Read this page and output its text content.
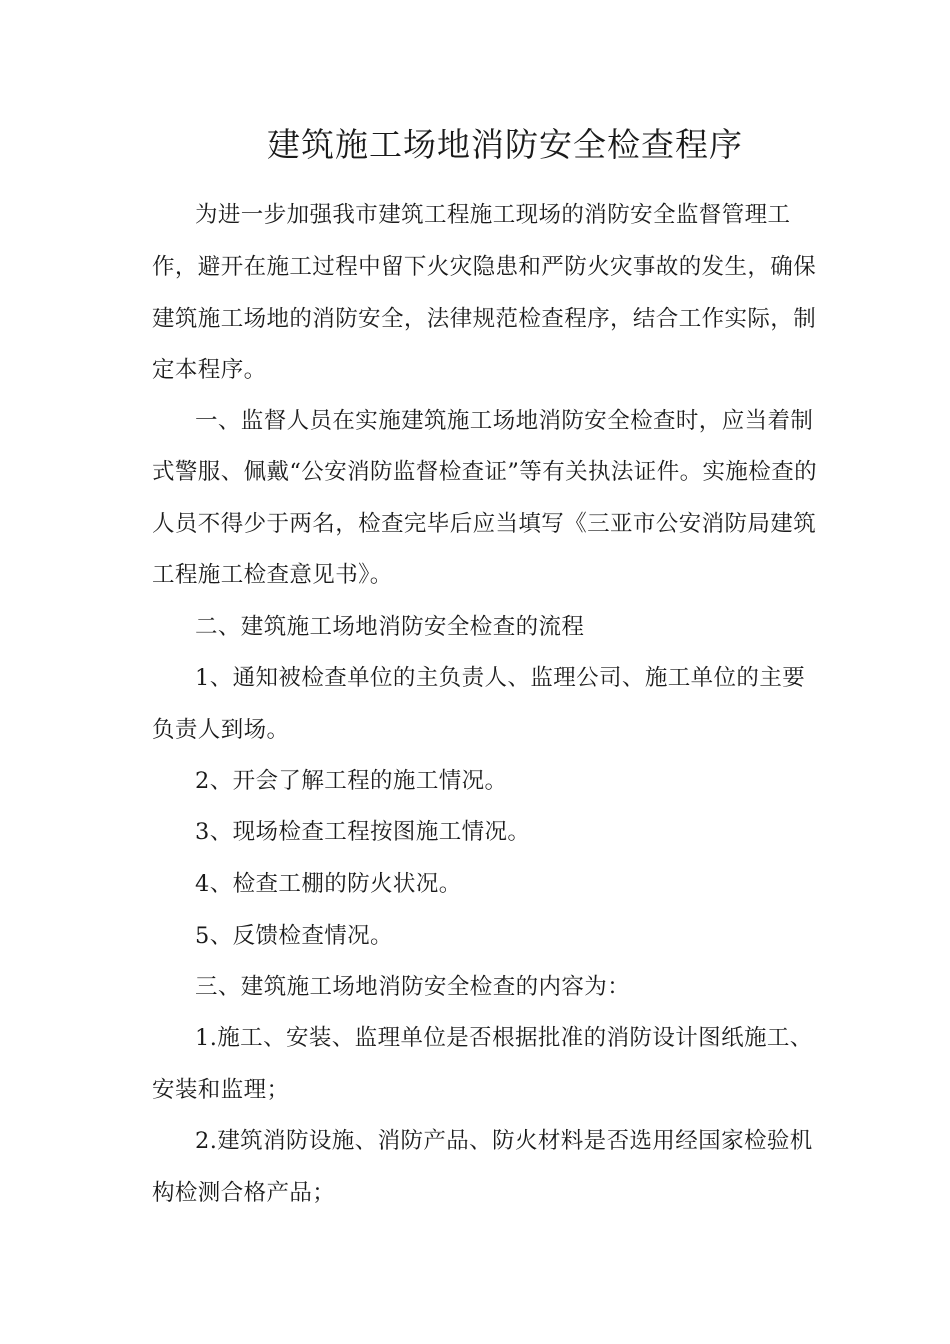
建筑施工场地消防安全检查程序
为进一步加强我市建筑工程施工现场的消防安全监督管理工
作，避开在施工过程中留下火灾隐患和严防火灾事故的发生，确保
建筑施工场地的消防安全，法律规范检查程序，结合工作实际，制
定本程序。
一、监督人员在实施建筑施工场地消防安全检查时，应当着制
式警服、佩戴“公安消防监督检查证”等有关执法证件。实施检查的
人员不得少于两名，检查完毕后应当填写《三亚市公安消防局建筑
工程施工检查意见书》。
二、建筑施工场地消防安全检查的流程
1、通知被检查单位的主负责人、监理公司、施工单位的主要
负责人到场。
2、开会了解工程的施工情况。
3、现场检查工程按图施工情况。
4、检查工棚的防火状况。
5、反馈检查情况。
三、建筑施工场地消防安全检查的内容为：
1.施工、安装、监理单位是否根据批准的消防设计图纸施工、
安装和监理；
2.建筑消防设施、消防产品、防火材料是否选用经国家检验机
构检测合格产品；
